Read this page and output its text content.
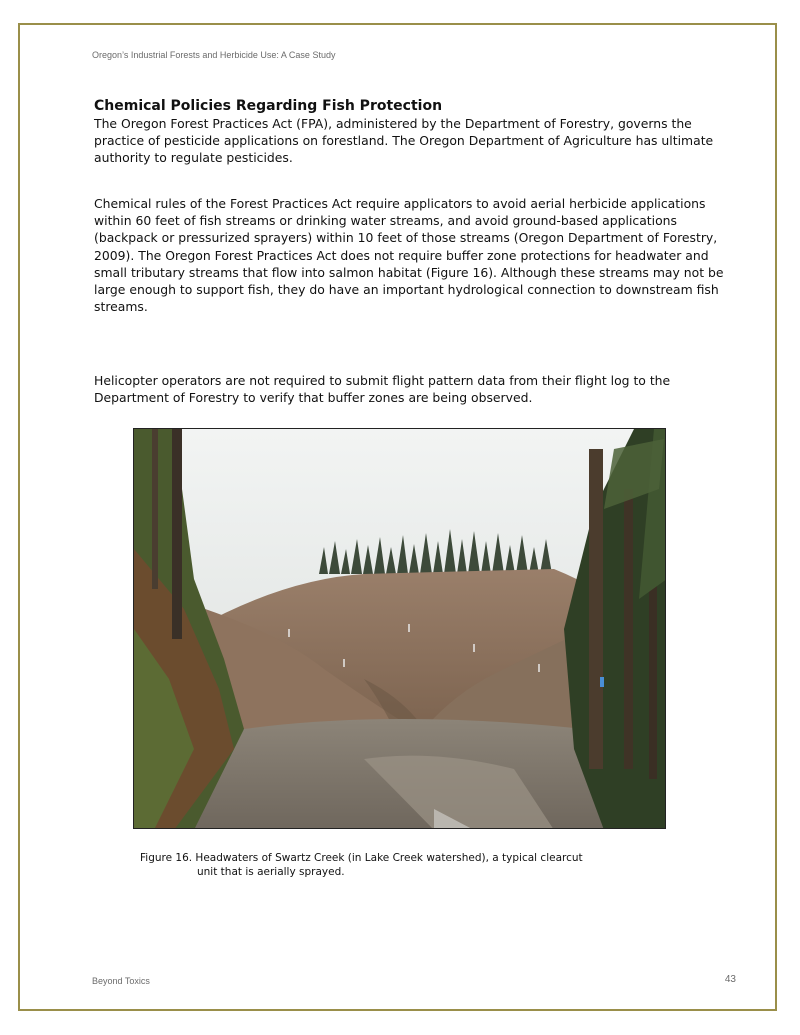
Oregon’s Industrial Forests and Herbicide Use: A Case Study
Chemical Policies Regarding Fish Protection

The Oregon Forest Practices Act (FPA), administered by the Department of Forestry, governs the practice of pesticide applications on forestland. The Oregon Department of Agriculture has ultimate authority to regulate pesticides.

Chemical rules of the Forest Practices Act require applicators to avoid aerial herbicide applications within 60 feet of fish streams or drinking water streams, and avoid ground-based applications (backpack or pressurized sprayers) within 10 feet of those streams (Oregon Department of Forestry, 2009). The Oregon Forest Practices Act does not require buffer zone protections for headwater and small tributary streams that flow into salmon habitat (Figure 16). Although these streams may not be large enough to support fish, they do have an important hydrological connection to downstream fish streams.

Helicopter operators are not required to submit flight pattern data from their flight log to the Department of Forestry to verify that buffer zones are being observed.

Figure 16. Headwaters of Swartz Creek (in Lake Creek watershed), a typical clearcut
unit that is aerially sprayed.

Beyond Toxics	43
